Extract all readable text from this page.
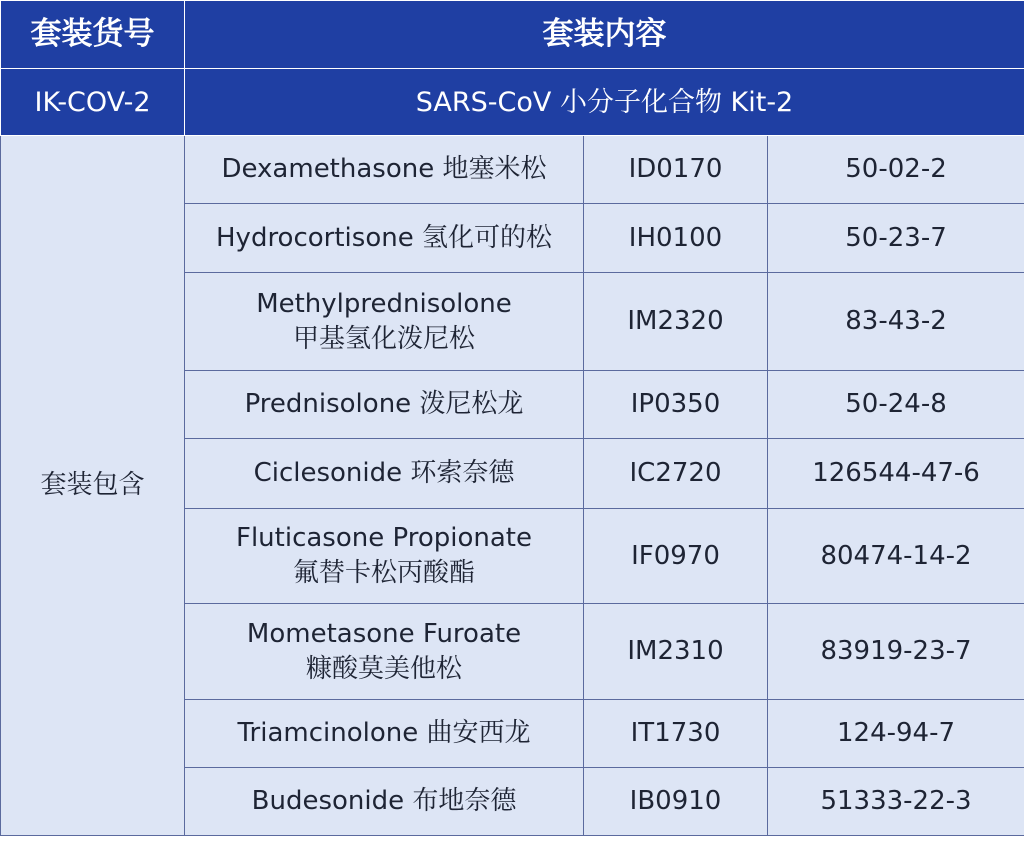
套装货号	套装内容		
IK-COV-2	SARS-CoV 小分子化合物 Kit-2		
套装包含	Dexamethasone 地塞米松	ID0170	50-02-2

	Hydrocortisone 氢化可的松	IH0100	50-23-7

	Methylprednisolone
甲基氢化泼尼松	IM2320	83-43-2

	Prednisolone 泼尼松龙	IP0350	50-24-8

	Ciclesonide 环索奈德	IC2720	126544-47-6

	Fluticasone Propionate
氟替卡松丙酸酯	IF0970	80474-14-2

	Mometasone Furoate
糠酸莫美他松	IM2310	83919-23-7

	Triamcinolone 曲安西龙	IT1730	124-94-7

	Budesonide 布地奈德	IB0910	51333-22-3
